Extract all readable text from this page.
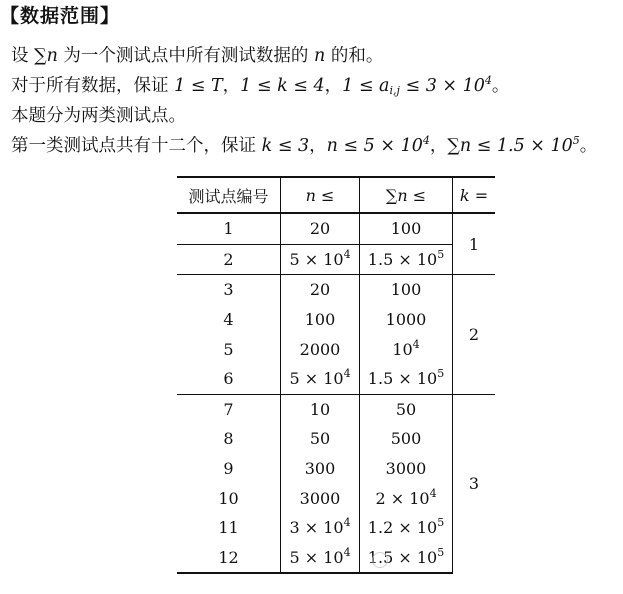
【数据范围】
设 ∑n 为一个测试点中所有测试数据的 n 的和。
对于所有数据，保证 1 ≤ T，1 ≤ k ≤ 4，$1 \le a_{i,j} \le 3 \times 10^4$。
本题分为两类测试点。
第一类测试点共有十二个，保证 k ≤ 3，$n \le 5 \times 10^4$，$\sum n \le 1.5 \times 10^5$。
测试点编号	n ≤	∑n ≤	k =
1	20	100	1
2	$5 \times 10^4$	$1.5 \times 10^5$
3	20	100	2
4	100	1000	
5	2000	$10^4$
6	$5 \times 10^4$	$1.5 \times 10^5$
7	10	50	3
8	50	500	
9	300	3000	
10	3000	$2 \times 10^4$
11	$3 \times 10^4$	$1.2 \times 10^5$
12	$5 \times 10^4$	$1.5 \times 10^5$
